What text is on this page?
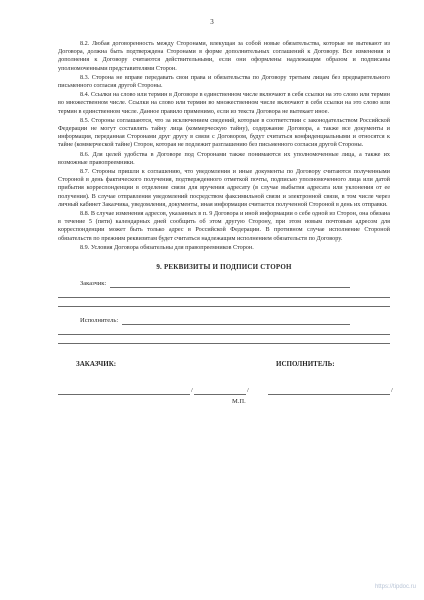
3

8.2. Любая договоренность между Сторонами, влекущая за собой новые обязательства, которые не вытекают из Договора, должна быть подтверждена Сторонами в форме дополнительных соглашений к Договору. Все изменения и дополнения к Договору считаются действительными, если они оформлены надлежащим образом и подписаны уполномоченными представителями Сторон.

8.3. Сторона не вправе передавать свои права и обязательства по Договору третьим лицам без предварительного письменного согласия другой Стороны.

8.4. Ссылки на слово или термин в Договоре в единственном числе включают в себя ссылки на это слово или термин во множественном числе. Ссылки на слово или термин во множественном числе включают в себя ссылки на это слово или термин в единственном числе. Данное правило применимо, если из текста Договора не вытекает иное.

8.5. Стороны соглашаются, что за исключением сведений, которые в соответствии с законодательством Российской Федерации не могут составлять тайну лица (коммерческую тайну), содержание Договора, а также все документы и информация, переданная Сторонами друг другу в связи с Договором, будут считаться конфиденциальными и относятся к тайне (коммерческой тайне) Сторон, которая не подлежит разглашению без письменного согласия другой Стороны.

8.6. Для целей удобства в Договоре под Сторонами также понимаются их уполномоченные лица, а также их возможные правопреемники.

8.7. Стороны пришли к соглашению, что уведомления и иные документы по Договору считаются полученными Стороной в день фактического получения, подтвержденного отметкой почты, подписью уполномоченного лица или датой прибытия корреспонденции в отделение связи для вручения адресату (в случае выбытия адресата или уклонения от ее получения). В случае отправления уведомлений посредством факсимильной связи и электронной связи, в том числе через личный кабинет Заказчика, уведомления, документы, иная информация считается полученной Стороной в день их отправки.

8.8. В случае изменения адресов, указанных в п. 9 Договора и иной информации о себе одной из Сторон, она обязана в течение 5 (пяти) календарных дней сообщить об этом другую Сторону, при этом новым почтовым адресом для корреспонденции может быть только адрес в Российской Федерации. В противном случае исполнение Стороной обязательств по прежним реквизитам будет считаться надлежащим исполнением обязательств по Договору.

8.9. Условия Договора обязательны для правопреемников Сторон.

9. РЕКВИЗИТЫ И ПОДПИСИ СТОРОН
Заказчик:
Исполнитель:
ЗАКАЗЧИК:	ИСПОЛНИТЕЛЬ:
/	/	/
М.П.
https://tipdoc.ru
